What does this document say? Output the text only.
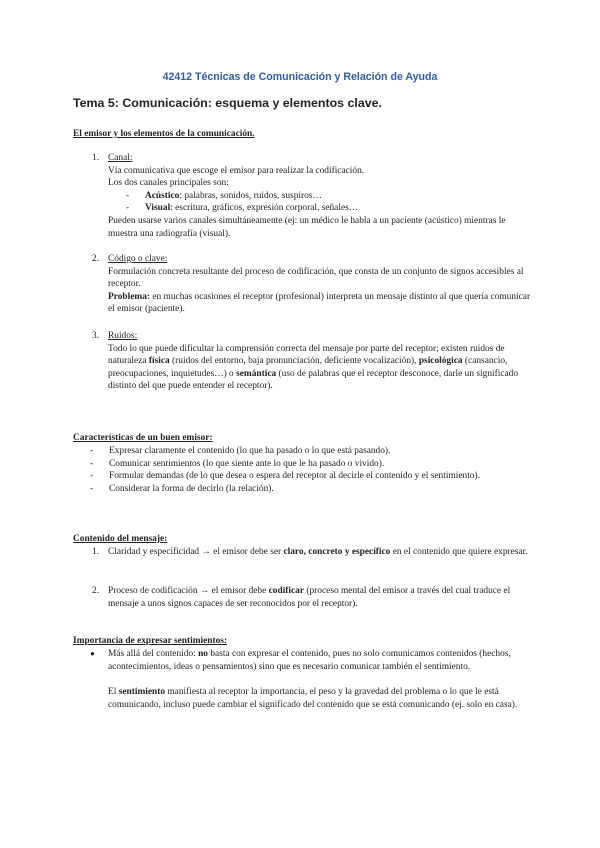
42412 Técnicas de Comunicación y Relación de Ayuda
Tema 5: Comunicación: esquema y elementos clave.

El emisor y los elementos de la comunicación.

1. Canal:
Vía comunicativa que escoge el emisor para realizar la codificación.
Los dos canales principales son:
- Acústico: palabras, sonidos, ruidos, suspiros…
- Visual: escritura, gráficos, expresión corporal, señales…
Pueden usarse varios canales simultáneamente (ej: un médico le habla a un paciente (acústico) mientras le muestra una radiografía (visual).
2. Código o clave:
Formulación concreta resultante del proceso de codificación, que consta de un conjunto de signos accesibles al receptor.
Problema: en muchas ocasiones el receptor (profesional) interpreta un mensaje distinto al que quería comunicar el emisor (paciente).
3. Ruidos:
Todo lo que puede dificultar la comprensión correcta del mensaje por parte del receptor; existen ruidos de naturaleza física (ruidos del entorno, baja pronunciación, deficiente vocalización), psicológica (cansancio, preocupaciones, inquietudes…) o semántica (uso de palabras que el receptor desconoce, darle un significado distinto del que puede entender el receptor).

Características de un buen emisor:

- Expresar claramente el contenido (lo que ha pasado o lo que está pasando).
- Comunicar sentimientos (lo que siente ante lo que le ha pasado o vivido).
- Formular demandas (de lo que desea o espera del receptor al decirle el contenido y el sentimiento).
- Considerar la forma de decirlo (la relación).

Contenido del mensaje:

1. Claridad y especificidad → el emisor debe ser claro, concreto y específico en el contenido que quiere expresar.
2. Proceso de codificación → el emisor debe codificar (proceso mental del emisor a través del cual traduce el mensaje a unos signos capaces de ser reconocidos por el receptor).

Importancia de expresar sentimientos:

● Más allá del contenido: no basta con expresar el contenido, pues no solo comunicamos contenidos (hechos, acontecimientos, ideas o pensamientos) sino que es necesario comunicar también el sentimiento.
El sentimiento manifiesta al receptor la importancia, el peso y la gravedad del problema o lo que le está comunicando, incluso puede cambiar el significado del contenido que se está comunicando (ej. solo en casa).
